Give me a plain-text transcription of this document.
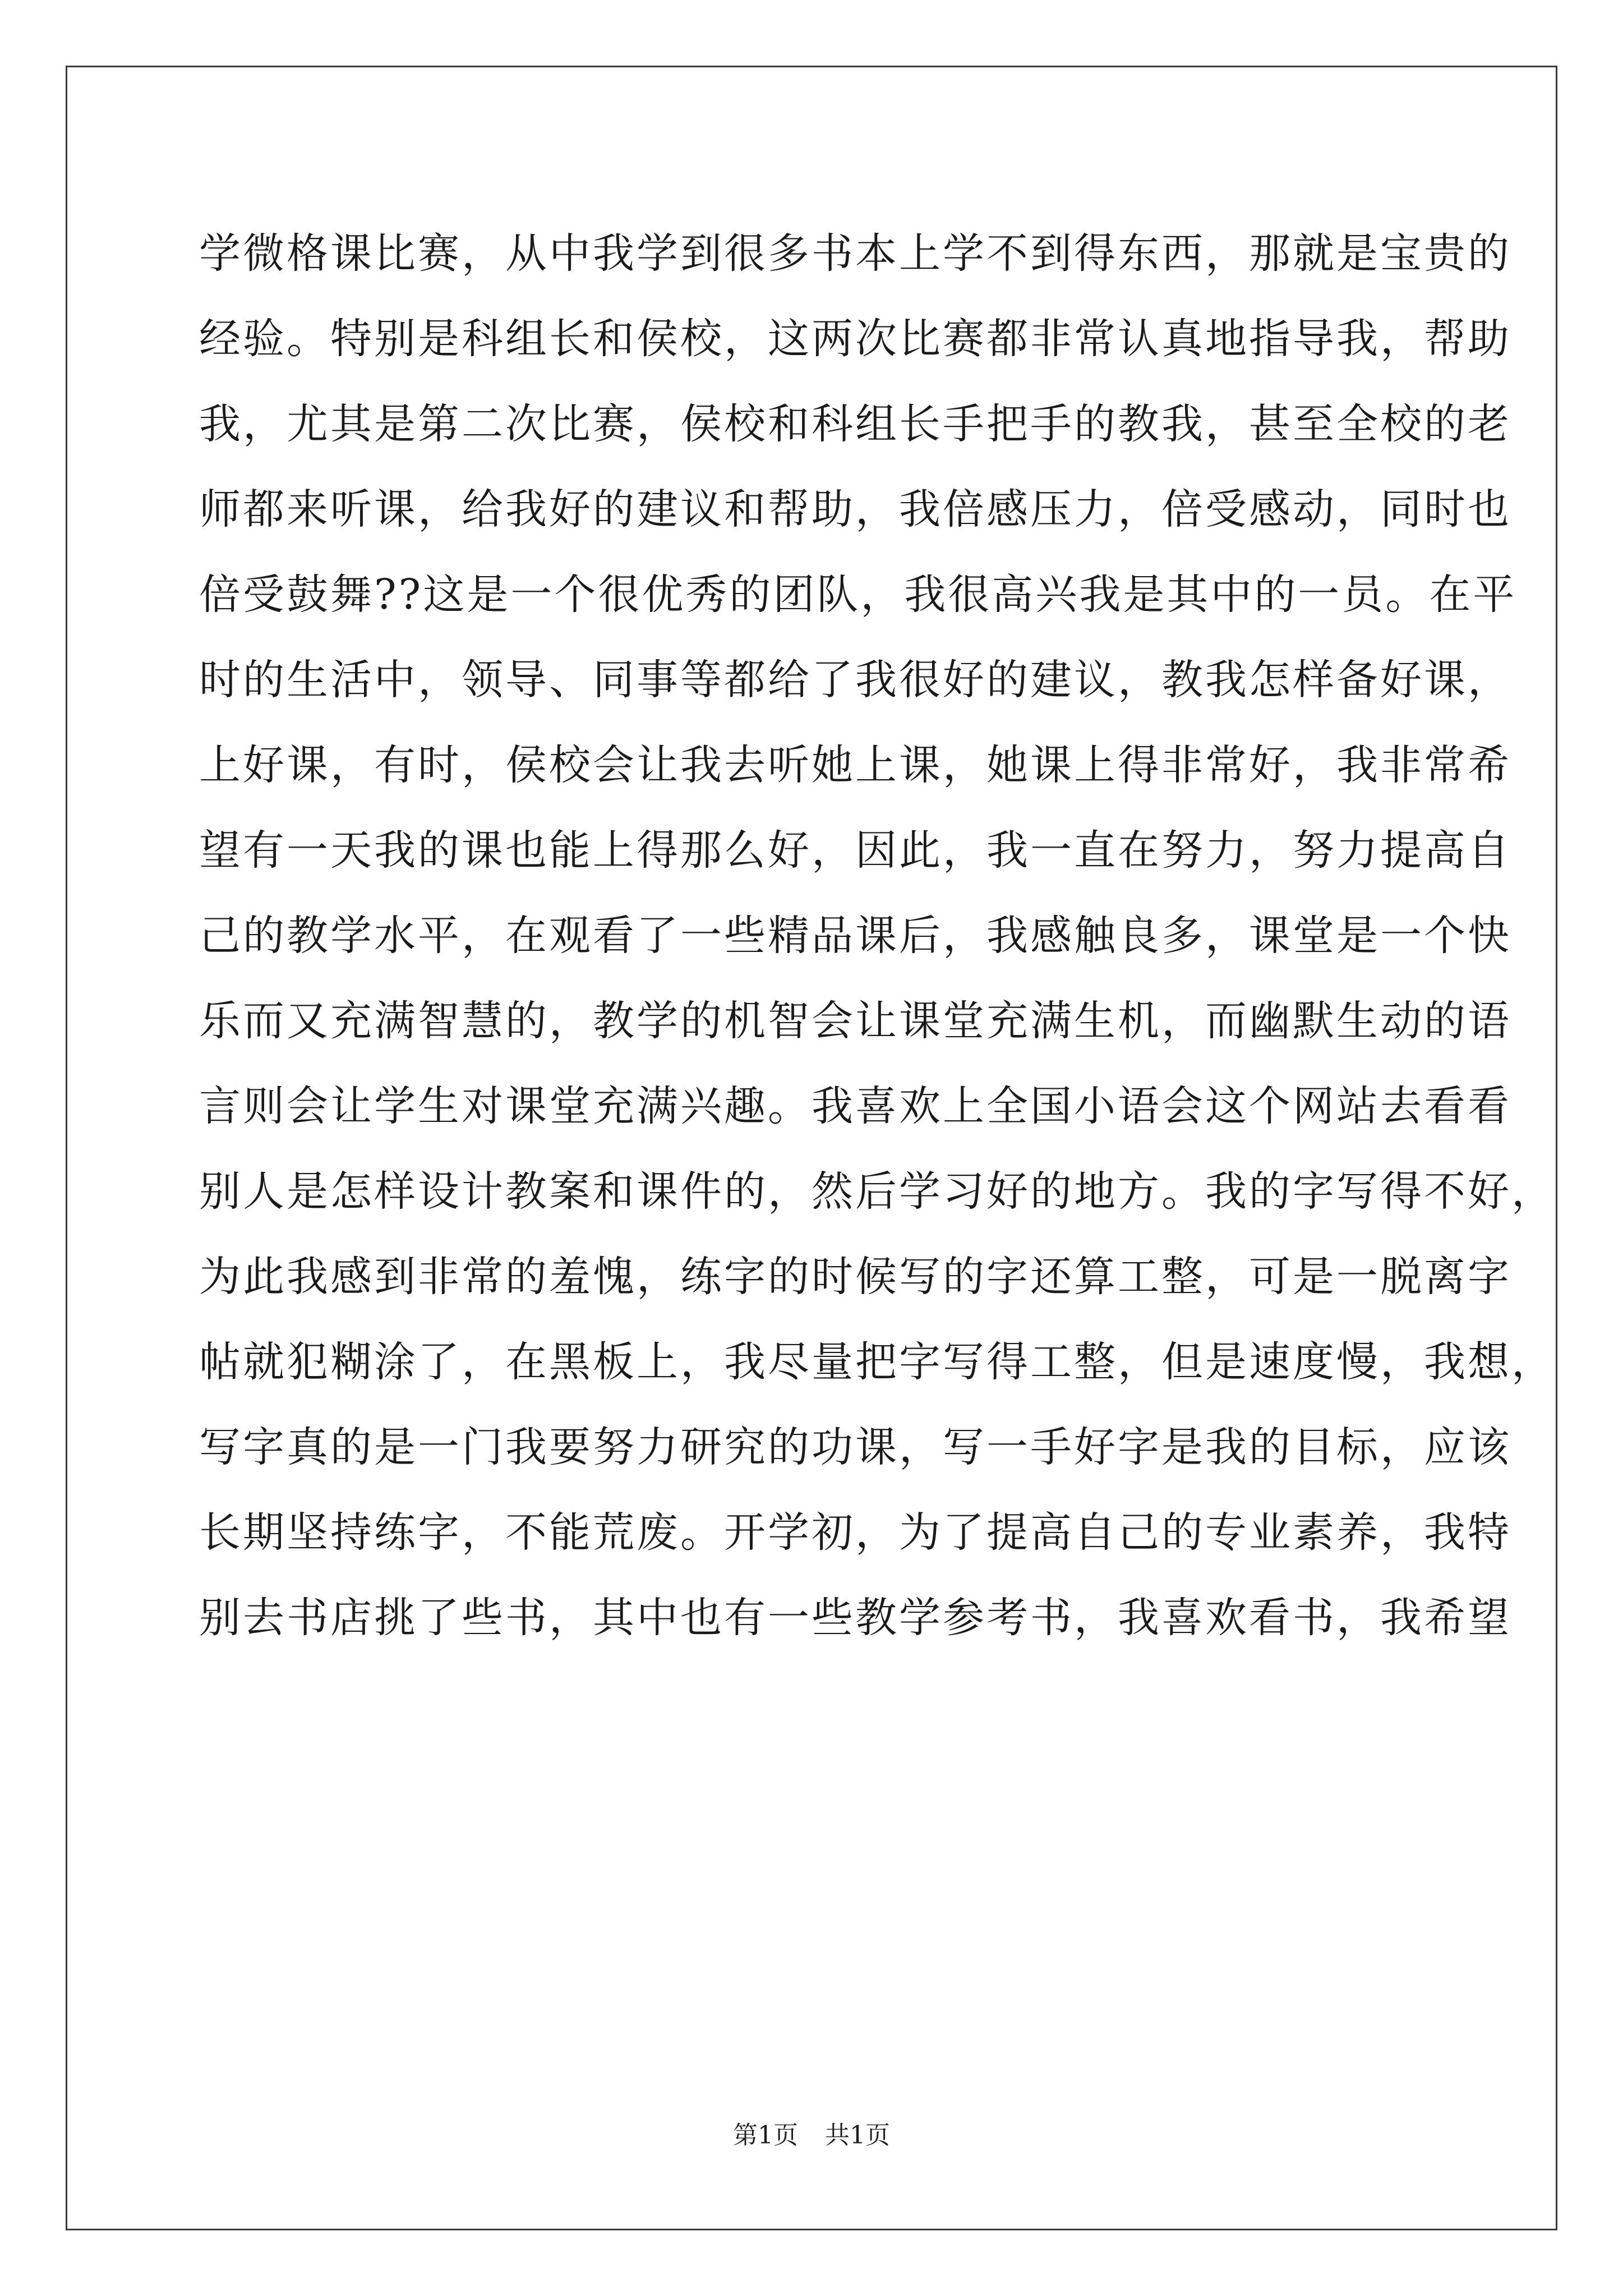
学微格课比赛，从中我学到很多书本上学不到得东西，那就是宝贵的
经验。特别是科组长和侯校，这两次比赛都非常认真地指导我，帮助
我，尤其是第二次比赛，侯校和科组长手把手的教我，甚至全校的老
师都来听课，给我好的建议和帮助，我倍感压力，倍受感动，同时也
倍受鼓舞??这是一个很优秀的团队，我很高兴我是其中的一员。在平
时的生活中，领导、同事等都给了我很好的建议，教我怎样备好课，
上好课，有时，侯校会让我去听她上课，她课上得非常好，我非常希
望有一天我的课也能上得那么好，因此，我一直在努力，努力提高自
己的教学水平，在观看了一些精品课后，我感触良多，课堂是一个快
乐而又充满智慧的，教学的机智会让课堂充满生机，而幽默生动的语
言则会让学生对课堂充满兴趣。我喜欢上全国小语会这个网站去看看
别人是怎样设计教案和课件的，然后学习好的地方。我的字写得不好，
为此我感到非常的羞愧，练字的时候写的字还算工整，可是一脱离字
帖就犯糊涂了，在黑板上，我尽量把字写得工整，但是速度慢，我想，
写字真的是一门我要努力研究的功课，写一手好字是我的目标，应该
长期坚持练字，不能荒废。开学初，为了提高自己的专业素养，我特
别去书店挑了些书，其中也有一些教学参考书，我喜欢看书，我希望
第1页 共1页
